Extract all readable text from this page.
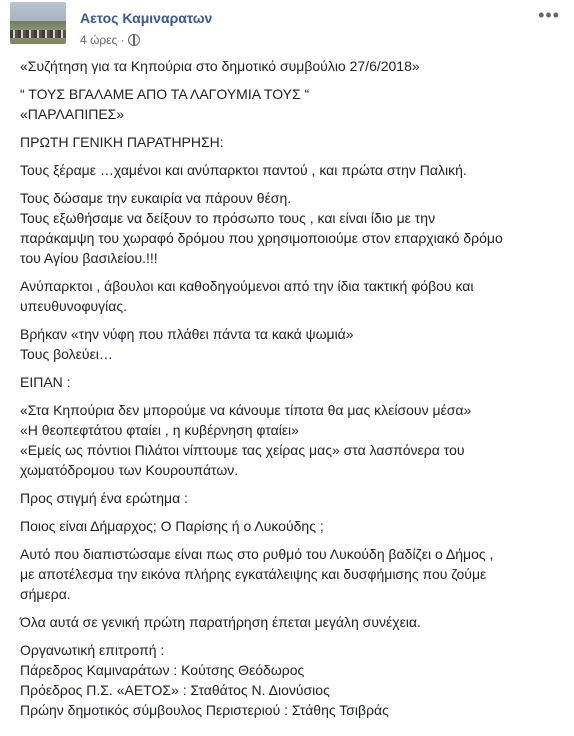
Αετος Καμιναρατων
4 ώρες ·
•••

«Συζήτηση για τα Κηπούρια στο δημοτικό συμβούλιο 27/6/2018»

“ ΤΟΥΣ ΒΓΑΛΑΜΕ ΑΠΟ ΤΑ ΛΑΓΟΥΜΙΑ ΤΟΥΣ “
«ΠΑΡΛΑΠΙΠΕΣ»

ΠΡΩΤΗ ΓΕΝΙΚΗ ΠΑΡΑΤΗΡΗΣΗ:

Τους ξέραμε …χαμένοι και ανύπαρκτοι παντού , και πρώτα στην Παλική.

Τους δώσαμε την ευκαιρία να πάρουν θέση.
Τους εξωθήσαμε να δείξουν το πρόσωπο τους , και είναι ίδιο με την
παράκαμψη του χωραφό δρόμου που χρησιμοποιούμε στον επαρχιακό δρόμο
του Αγίου βασιλείου.!!!

Ανύπαρκτοι , άβουλοι και καθοδηγούμενοι από την ίδια τακτική φόβου και
υπευθυνοφυγίας.

Βρήκαν «την νύφη που πλάθει πάντα τα κακά ψωμιά»
Τους βολεύει…

ΕΙΠΑΝ :

«Στα Κηπούρια δεν μπορούμε να κάνουμε τίποτα θα μας κλείσουν μέσα»
«Η θεοπεφτάτου φταίει , η κυβέρνηση φταίει»
«Εμείς ως πόντιοι Πιλάτοι νίπτουμε τας χείρας μας» στα λασπόνερα του
χωματόδρομου των Κουρουπάτων.

Προς στιγμή ένα ερώτημα :

Ποιος είναι Δήμαρχος; Ο Παρίσης ή ο Λυκούδης ;

Αυτό που διαπιστώσαμε είναι πως στο ρυθμό του Λυκούδη βαδίζει ο Δήμος ,
με αποτέλεσμα την εικόνα πλήρης εγκατάλειψης και δυσφήμισης που ζούμε
σήμερα.

Όλα αυτά σε γενική πρώτη παρατήρηση έπεται μεγάλη συνέχεια.

Οργανωτική επιτροπή :
Πάρεδρος Καμιναράτων : Κούτσης Θεόδωρος
Πρόεδρος Π.Σ. «ΑΕΤΟΣ» : Σταθάτος Ν. Διονύσιος
Πρώην δημοτικός σύμβουλος Περιστεριού : Στάθης Τσιβράς
